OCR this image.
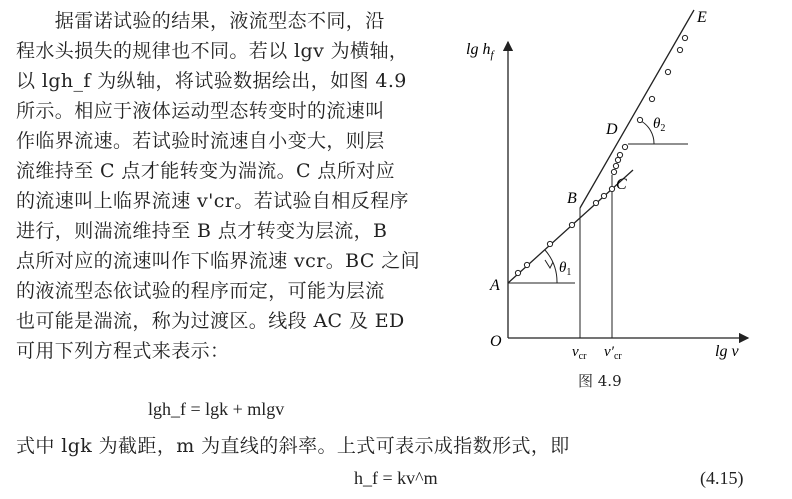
　　据雷诺试验的结果，液流型态不同，沿
程水头损失的规律也不同。若以 lgv 为横轴，
以 lgh_f 为纵轴，将试验数据绘出，如图 4.9
所示。相应于液体运动型态转变时的流速叫
作临界流速。若试验时流速自小变大，则层
流维持至 C 点才能转变为湍流。C 点所对应
的流速叫上临界流速 v'cr。若试验自相反程序
进行，则湍流维持至 B 点才转变为层流，B
点所对应的流速叫作下临界流速 vcr。BC 之间
的液流型态依试验的程序而定，可能为层流
也可能是湍流，称为过渡区。线段 AC 及 ED
可用下列方程式来表示：
lgh_f = lgk + mlgv
式中 lgk 为截距，m 为直线的斜率。上式可表示成指数形式，即
h_f = kv^m	(4.15)
$\lg h_f$
lg v
O
A
B
C
D
E
$\theta_1$
$\theta_2$
$v_{cr}$ $v'_{cr}$
图 4.9
